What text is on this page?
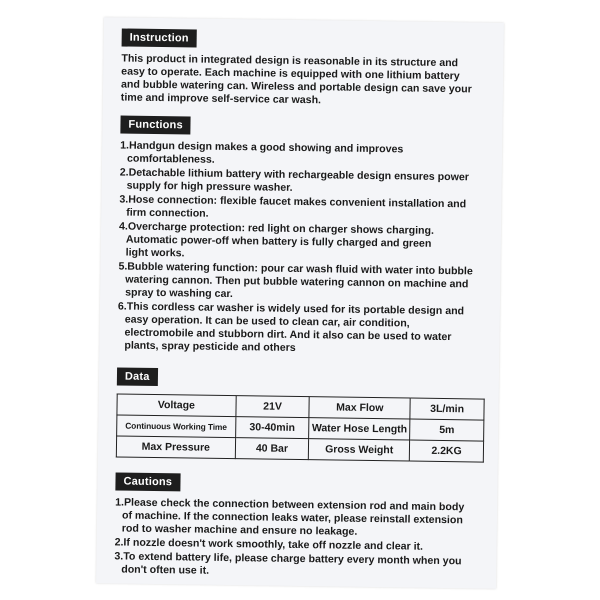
Instruction
This product in integrated design is reasonable in its structure and
easy to operate. Each machine is equipped with one lithium battery
and bubble watering can. Wireless and portable design can save your
time and improve self-service car wash.
Functions
1.Handgun design makes a good showing and improves
comfortableness.
2.Detachable lithium battery with rechargeable design ensures power
supply for high pressure washer.
3.Hose connection: flexible faucet makes convenient installation and
firm connection.
4.Overcharge protection: red light on charger shows charging.
Automatic power-off when battery is fully charged and green
light works.
5.Bubble watering function: pour car wash fluid with water into bubble
watering cannon. Then put bubble watering cannon on machine and
spray to washing car.
6.This cordless car washer is widely used for its portable design and
easy operation. It can be used to clean car, air condition,
electromobile and stubborn dirt. And it also can be used to water
plants, spray pesticide and others
Data
Voltage	21V	Max Flow	3L/min
Continuous Working Time	30-40min	Water Hose Length	5m
Max Pressure	40 Bar	Gross Weight	2.2KG
Cautions
1.Please check the connection between extension rod and main body
of machine. If the connection leaks water, please reinstall extension
rod to washer machine and ensure no leakage.
2.If nozzle doesn't work smoothly, take off nozzle and clear it.
3.To extend battery life, please charge battery every month when you
don't often use it.
